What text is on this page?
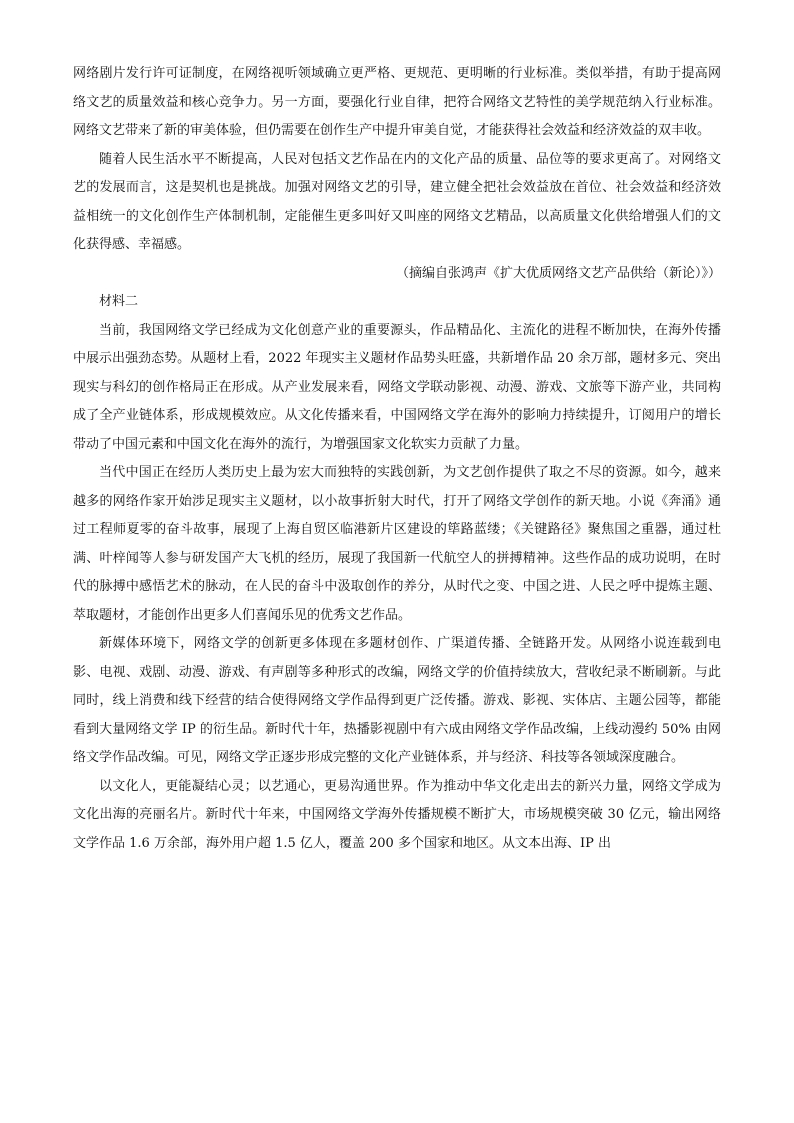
网络剧片发行许可证制度，在网络视听领域确立更严格、更规范、更明晰的行业标准。类似举措，有助于提高网络文艺的质量效益和核心竞争力。另一方面，要强化行业自律，把符合网络文艺特性的美学规范纳入行业标准。网络文艺带来了新的审美体验，但仍需要在创作生产中提升审美自觉，才能获得社会效益和经济效益的双丰收。

随着人民生活水平不断提高，人民对包括文艺作品在内的文化产品的质量、品位等的要求更高了。对网络文艺的发展而言，这是契机也是挑战。加强对网络文艺的引导，建立健全把社会效益放在首位、社会效益和经济效益相统一的文化创作生产体制机制，定能催生更多叫好又叫座的网络文艺精品，以高质量文化供给增强人们的文化获得感、幸福感。

（摘编自张鸿声《扩大优质网络文艺产品供给（新论）》）

材料二

当前，我国网络文学已经成为文化创意产业的重要源头，作品精品化、主流化的进程不断加快，在海外传播中展示出强劲态势。从题材上看，2022 年现实主义题材作品势头旺盛，共新增作品 20 余万部，题材多元、突出现实与科幻的创作格局正在形成。从产业发展来看，网络文学联动影视、动漫、游戏、文旅等下游产业，共同构成了全产业链体系，形成规模效应。从文化传播来看，中国网络文学在海外的影响力持续提升，订阅用户的增长带动了中国元素和中国文化在海外的流行，为增强国家文化软实力贡献了力量。

当代中国正在经历人类历史上最为宏大而独特的实践创新，为文艺创作提供了取之不尽的资源。如今，越来越多的网络作家开始涉足现实主义题材，以小故事折射大时代，打开了网络文学创作的新天地。小说《奔涌》通过工程师夏零的奋斗故事，展现了上海自贸区临港新片区建设的筚路蓝缕；《关键路径》聚焦国之重器，通过杜满、叶梓闻等人参与研发国产大飞机的经历，展现了我国新一代航空人的拼搏精神。这些作品的成功说明，在时代的脉搏中感悟艺术的脉动，在人民的奋斗中汲取创作的养分，从时代之变、中国之进、人民之呼中提炼主题、萃取题材，才能创作出更多人们喜闻乐见的优秀文艺作品。

新媒体环境下，网络文学的创新更多体现在多题材创作、广渠道传播、全链路开发。从网络小说连载到电影、电视、戏剧、动漫、游戏、有声剧等多种形式的改编，网络文学的价值持续放大，营收纪录不断刷新。与此同时，线上消费和线下经营的结合使得网络文学作品得到更广泛传播。游戏、影视、实体店、主题公园等，都能看到大量网络文学 IP 的衍生品。新时代十年，热播影视剧中有六成由网络文学作品改编，上线动漫约 50% 由网络文学作品改编。可见，网络文学正逐步形成完整的文化产业链体系，并与经济、科技等各领域深度融合。

以文化人，更能凝结心灵；以艺通心，更易沟通世界。作为推动中华文化走出去的新兴力量，网络文学成为文化出海的亮丽名片。新时代十年来，中国网络文学海外传播规模不断扩大，市场规模突破 30 亿元，输出网络文学作品 1.6 万余部，海外用户超 1.5 亿人，覆盖 200 多个国家和地区。从文本出海、IP 出
